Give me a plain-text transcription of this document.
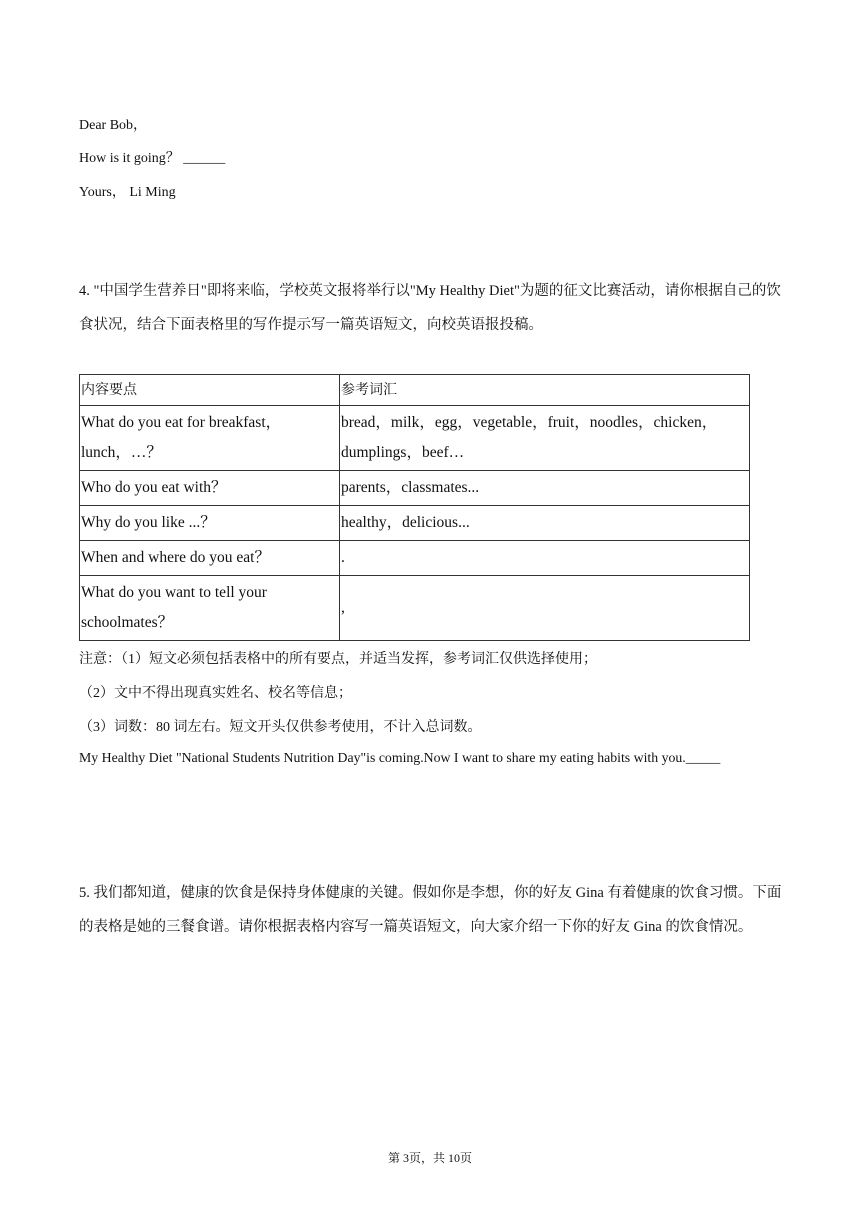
Dear Bob，
How is it going？ ______
Yours， Li Ming
4. "中国学生营养日"即将来临，学校英文报将举行以"My Healthy Diet"为题的征文比赛活动，请你根据自己的饮食状况，结合下面表格里的写作提示写一篇英语短文，向校英语报投稿。
内容要点	参考词汇
What do you eat for breakfast，lunch，…？	bread，milk，egg，vegetable，fruit，noodles，chicken，dumplings，beef…
Who do you eat with？	parents，classmates...
Why do you like ...？	healthy，delicious...
When and where do you eat？	.
What do you want to tell your schoolmates？	,
注意：（1）短文必须包括表格中的所有要点，并适当发挥，参考词汇仅供选择使用；
（2）文中不得出现真实姓名、校名等信息；
（3）词数：80 词左右。短文开头仅供参考使用，不计入总词数。
My Healthy Diet "National Students Nutrition Day"is coming.Now I want to share my eating habits with you._____
5. 我们都知道，健康的饮食是保持身体健康的关键。假如你是李想，你的好友 Gina 有着健康的饮食习惯。下面的表格是她的三餐食谱。请你根据表格内容写一篇英语短文，向大家介绍一下你的好友 Gina 的饮食情况。
第 3页，共 10页
